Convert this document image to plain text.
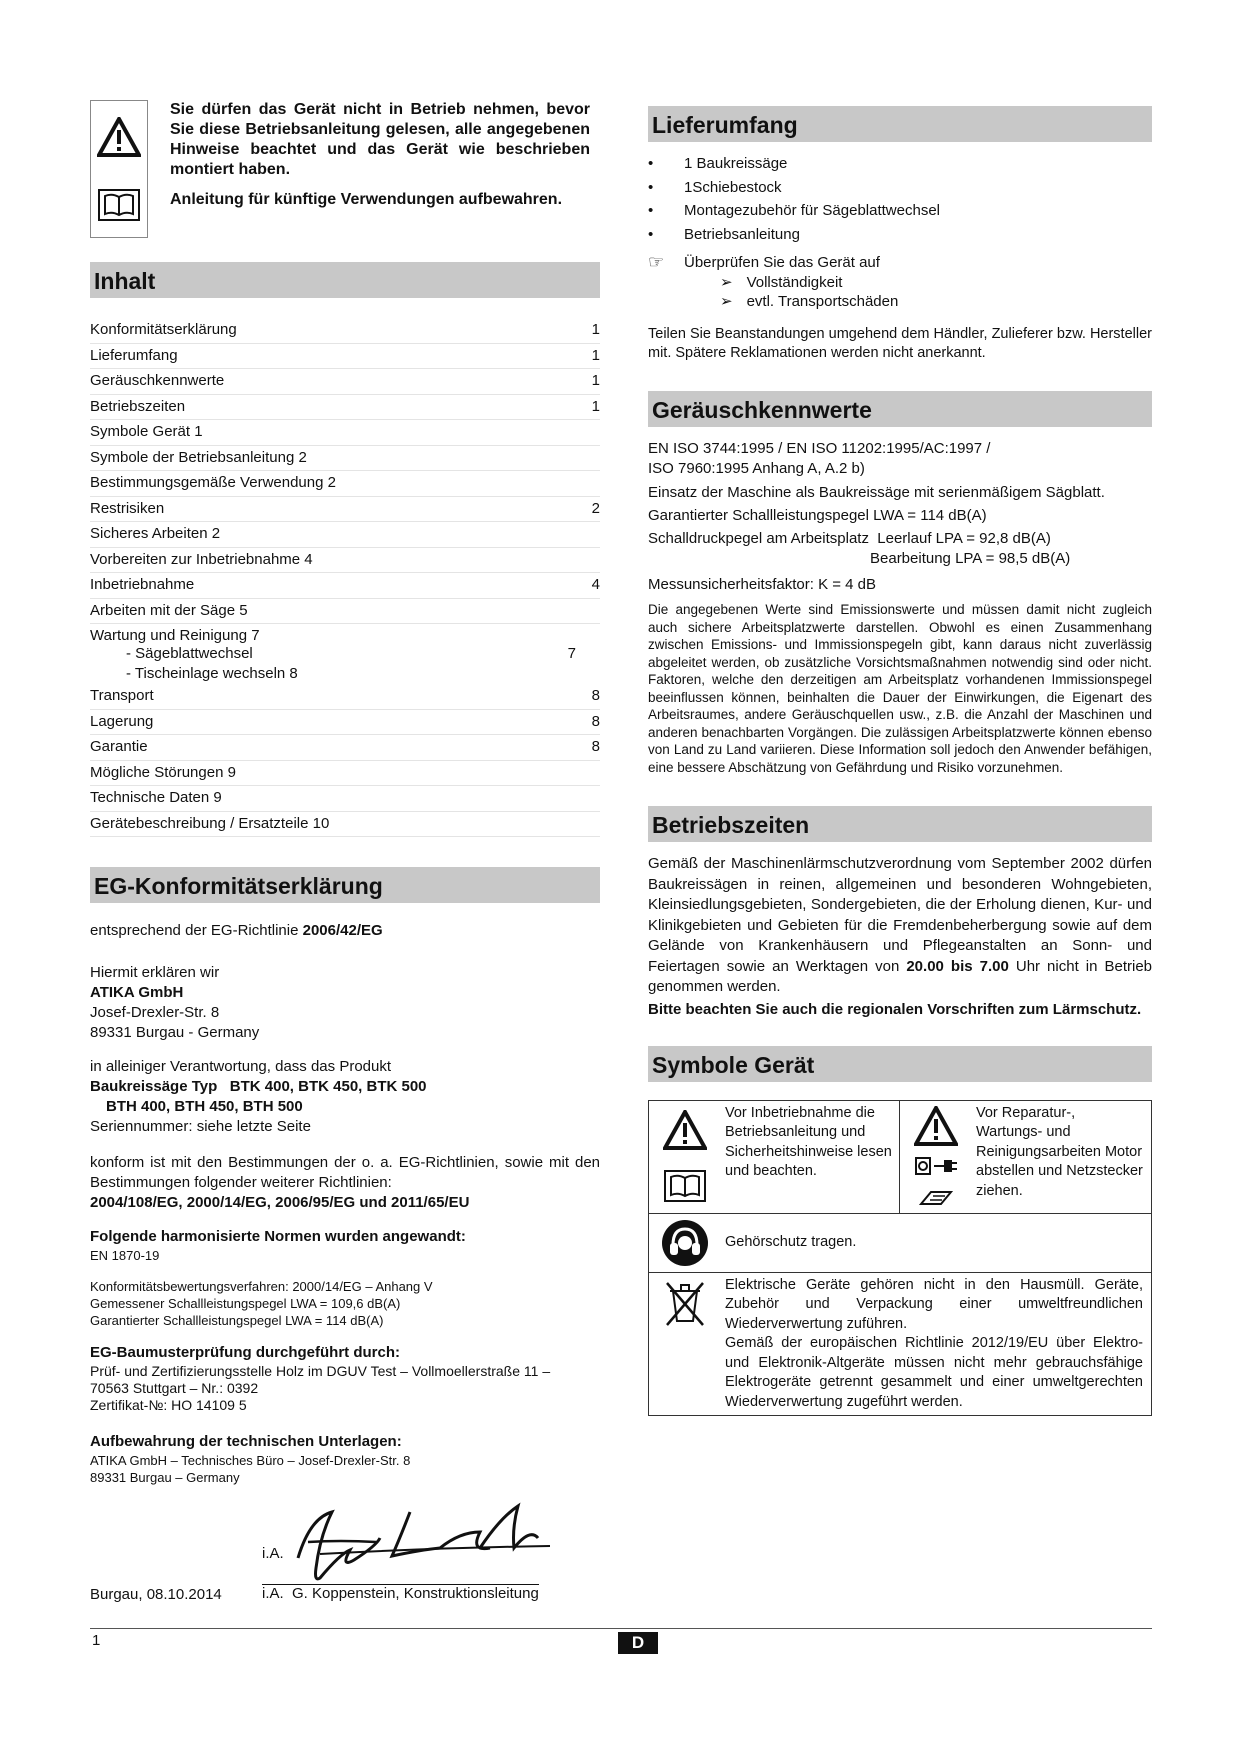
Sie dürfen das Gerät nicht in Betrieb nehmen, bevor Sie diese Betriebsanleitung gelesen, alle angegebenen Hinweise beachtet und das Gerät wie beschrieben montiert haben.
Anleitung für künftige Verwendungen aufbewahren.
Inhalt
Konformitätserklärung	1
Lieferumfang	1
Geräuschkennwerte	1
Betriebszeiten	1
Symbole Gerät 1
Symbole der Betriebsanleitung 2
Bestimmungsgemäße Verwendung 2
Restrisiken	2
Sicheres Arbeiten 2
Vorbereiten zur Inbetriebnahme 4
Inbetriebnahme	4
Arbeiten mit der Säge 5
Wartung und Reinigung 7
- Sägeblattwechsel	7
- Tischeinlage wechseln 8
Transport	8
Lagerung	8
Garantie	8
Mögliche Störungen 9
Technische Daten 9
Gerätebeschreibung / Ersatzteile 10
EG-Konformitätserklärung
entsprechend der EG-Richtlinie 2006/42/EG
Hiermit erklären wir
ATIKA GmbH
Josef-Drexler-Str. 8
89331 Burgau - Germany
in alleiniger Verantwortung, dass das Produkt
Baukreissäge Typ   BTK 400, BTK 450, BTK 500
BTH 400, BTH 450, BTH 500
Seriennummer: siehe letzte Seite
konform ist mit den Bestimmungen der o. a. EG-Richtlinien, sowie mit den Bestimmungen folgender weiterer Richtlinien:
2004/108/EG, 2000/14/EG, 2006/95/EG und 2011/65/EU
Folgende harmonisierte Normen wurden angewandt:
EN 1870-19
Konformitätsbewertungsverfahren: 2000/14/EG – Anhang V
Gemessener Schallleistungspegel LWA = 109,6 dB(A)
Garantierter Schallleistungspegel LWA = 114 dB(A)
EG-Baumusterprüfung durchgeführt durch:
Prüf- und Zertifizierungsstelle Holz im DGUV Test – Vollmoellerstraße 11 –
70563 Stuttgart – Nr.: 0392
Zertifikat-№: HO 14109 5
Aufbewahrung der technischen Unterlagen:
ATIKA GmbH – Technisches Büro – Josef-Drexler-Str. 8
89331 Burgau – Germany
i.A.
Burgau, 08.10.2014	i.A.  G. Koppenstein, Konstruktionsleitung
Lieferumfang
• 1 Baukreissäge
• 1Schiebestock
• Montagezubehör für Sägeblattwechsel
• Betriebsanleitung
☞	Überprüfen Sie das Gerät auf
➢ Vollständigkeit
➢ evtl. Transportschäden
Teilen Sie Beanstandungen umgehend dem Händler, Zulieferer bzw. Hersteller mit. Spätere Reklamationen werden nicht anerkannt.
Geräuschkennwerte
EN ISO 3744:1995 / EN ISO 11202:1995/AC:1997 /
ISO 7960:1995 Anhang A, A.2 b)
Einsatz der Maschine als Baukreissäge mit serienmäßigem Sägblatt.
Garantierter Schallleistungspegel LWA = 114 dB(A)
Schalldruckpegel am Arbeitsplatz  Leerlauf LPA = 92,8 dB(A)
Bearbeitung LPA = 98,5 dB(A)
Messunsicherheitsfaktor: K = 4 dB
Die angegebenen Werte sind Emissionswerte und müssen damit nicht zugleich auch sichere Arbeitsplatzwerte darstellen. Obwohl es einen Zusammenhang zwischen Emissions- und Immissionspegeln gibt, kann daraus nicht zuverlässig abgeleitet werden, ob zusätzliche Vorsichtsmaßnahmen notwendig sind oder nicht. Faktoren, welche den derzeitigen am Arbeitsplatz vorhandenen Immissionspegel beeinflussen können, beinhalten die Dauer der Einwirkungen, die Eigenart des Arbeitsraumes, andere Geräuschquellen usw., z.B. die Anzahl der Maschinen und anderen benachbarten Vorgängen. Die zulässigen Arbeitsplatzwerte können ebenso von Land zu Land variieren. Diese Information soll jedoch den Anwender befähigen, eine bessere Abschätzung von Gefährdung und Risiko vorzunehmen.
Betriebszeiten
Gemäß der Maschinenlärmschutzverordnung vom September 2002 dürfen Baukreissägen in reinen, allgemeinen und besonderen Wohngebieten, Kleinsiedlungsgebieten, Sondergebieten, die der Erholung dienen, Kur- und Klinikgebieten und Gebieten für die Fremdenbeherbergung sowie auf dem Gelände von Krankenhäusern und Pflegeanstalten an Sonn- und Feiertagen sowie an Werktagen von 20.00 bis 7.00 Uhr nicht in Betrieb genommen werden.
Bitte beachten Sie auch die regionalen Vorschriften zum Lärmschutz.
Symbole Gerät
Vor Inbetriebnahme die Betriebsanleitung und Sicherheitshinweise lesen und beachten.
Vor Reparatur-, Wartungs- und Reinigungsarbeiten Motor abstellen und Netzstecker ziehen.
Gehörschutz tragen.
Elektrische Geräte gehören nicht in den Hausmüll. Geräte, Zubehör und Verpackung einer umweltfreundlichen Wiederverwertung zuführen.
Gemäß der europäischen Richtlinie 2012/19/EU über Elektro- und Elektronik-Altgeräte müssen nicht mehr gebrauchsfähige Elektrogeräte getrennt gesammelt und einer umweltgerechten Wiederverwertung zugeführt werden.
1	D
